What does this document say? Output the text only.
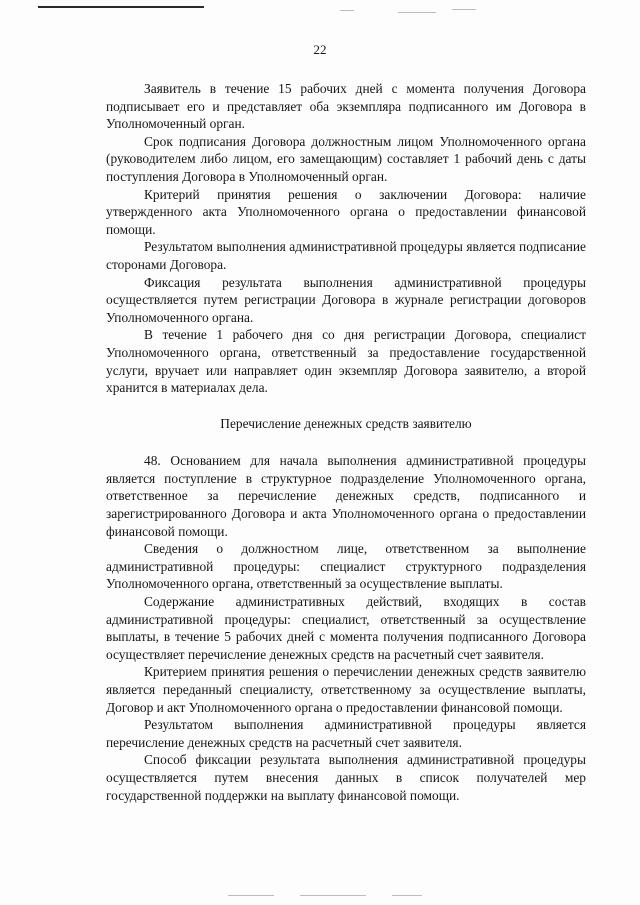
22

Заявитель в течение 15 рабочих дней с момента получения Договора подписывает его и представляет оба экземпляра подписанного им Договора в Уполномоченный орган.

Срок подписания Договора должностным лицом Уполномоченного органа (руководителем либо лицом, его замещающим) составляет 1 рабочий день с даты поступления Договора в Уполномоченный орган.

Критерий принятия решения о заключении Договора: наличие утвержденного акта Уполномоченного органа о предоставлении финансовой помощи.

Результатом выполнения административной процедуры является подписание сторонами Договора.

Фиксация результата выполнения административной процедуры осуществляется путем регистрации Договора в журнале регистрации договоров Уполномоченного органа.

В течение 1 рабочего дня со дня регистрации Договора, специалист Уполномоченного органа, ответственный за предоставление государственной услуги, вручает или направляет один экземпляр Договора заявителю, а второй хранится в материалах дела.

Перечисление денежных средств заявителю

48. Основанием для начала выполнения административной процедуры является поступление в структурное подразделение Уполномоченного органа, ответственное за перечисление денежных средств, подписанного и зарегистрированного Договора и акта Уполномоченного органа о предоставлении финансовой помощи.

Сведения о должностном лице, ответственном за выполнение административной процедуры: специалист структурного подразделения Уполномоченного органа, ответственный за осуществление выплаты.

Содержание административных действий, входящих в состав административной процедуры: специалист, ответственный за осуществление выплаты, в течение 5 рабочих дней с момента получения подписанного Договора осуществляет перечисление денежных средств на расчетный счет заявителя.

Критерием принятия решения о перечислении денежных средств заявителю является переданный специалисту, ответственному за осуществление выплаты, Договор и акт Уполномоченного органа о предоставлении финансовой помощи.

Результатом выполнения административной процедуры является перечисление денежных средств на расчетный счет заявителя.

Способ фиксации результата выполнения административной процедуры осуществляется путем внесения данных в список получателей мер государственной поддержки на выплату финансовой помощи.
